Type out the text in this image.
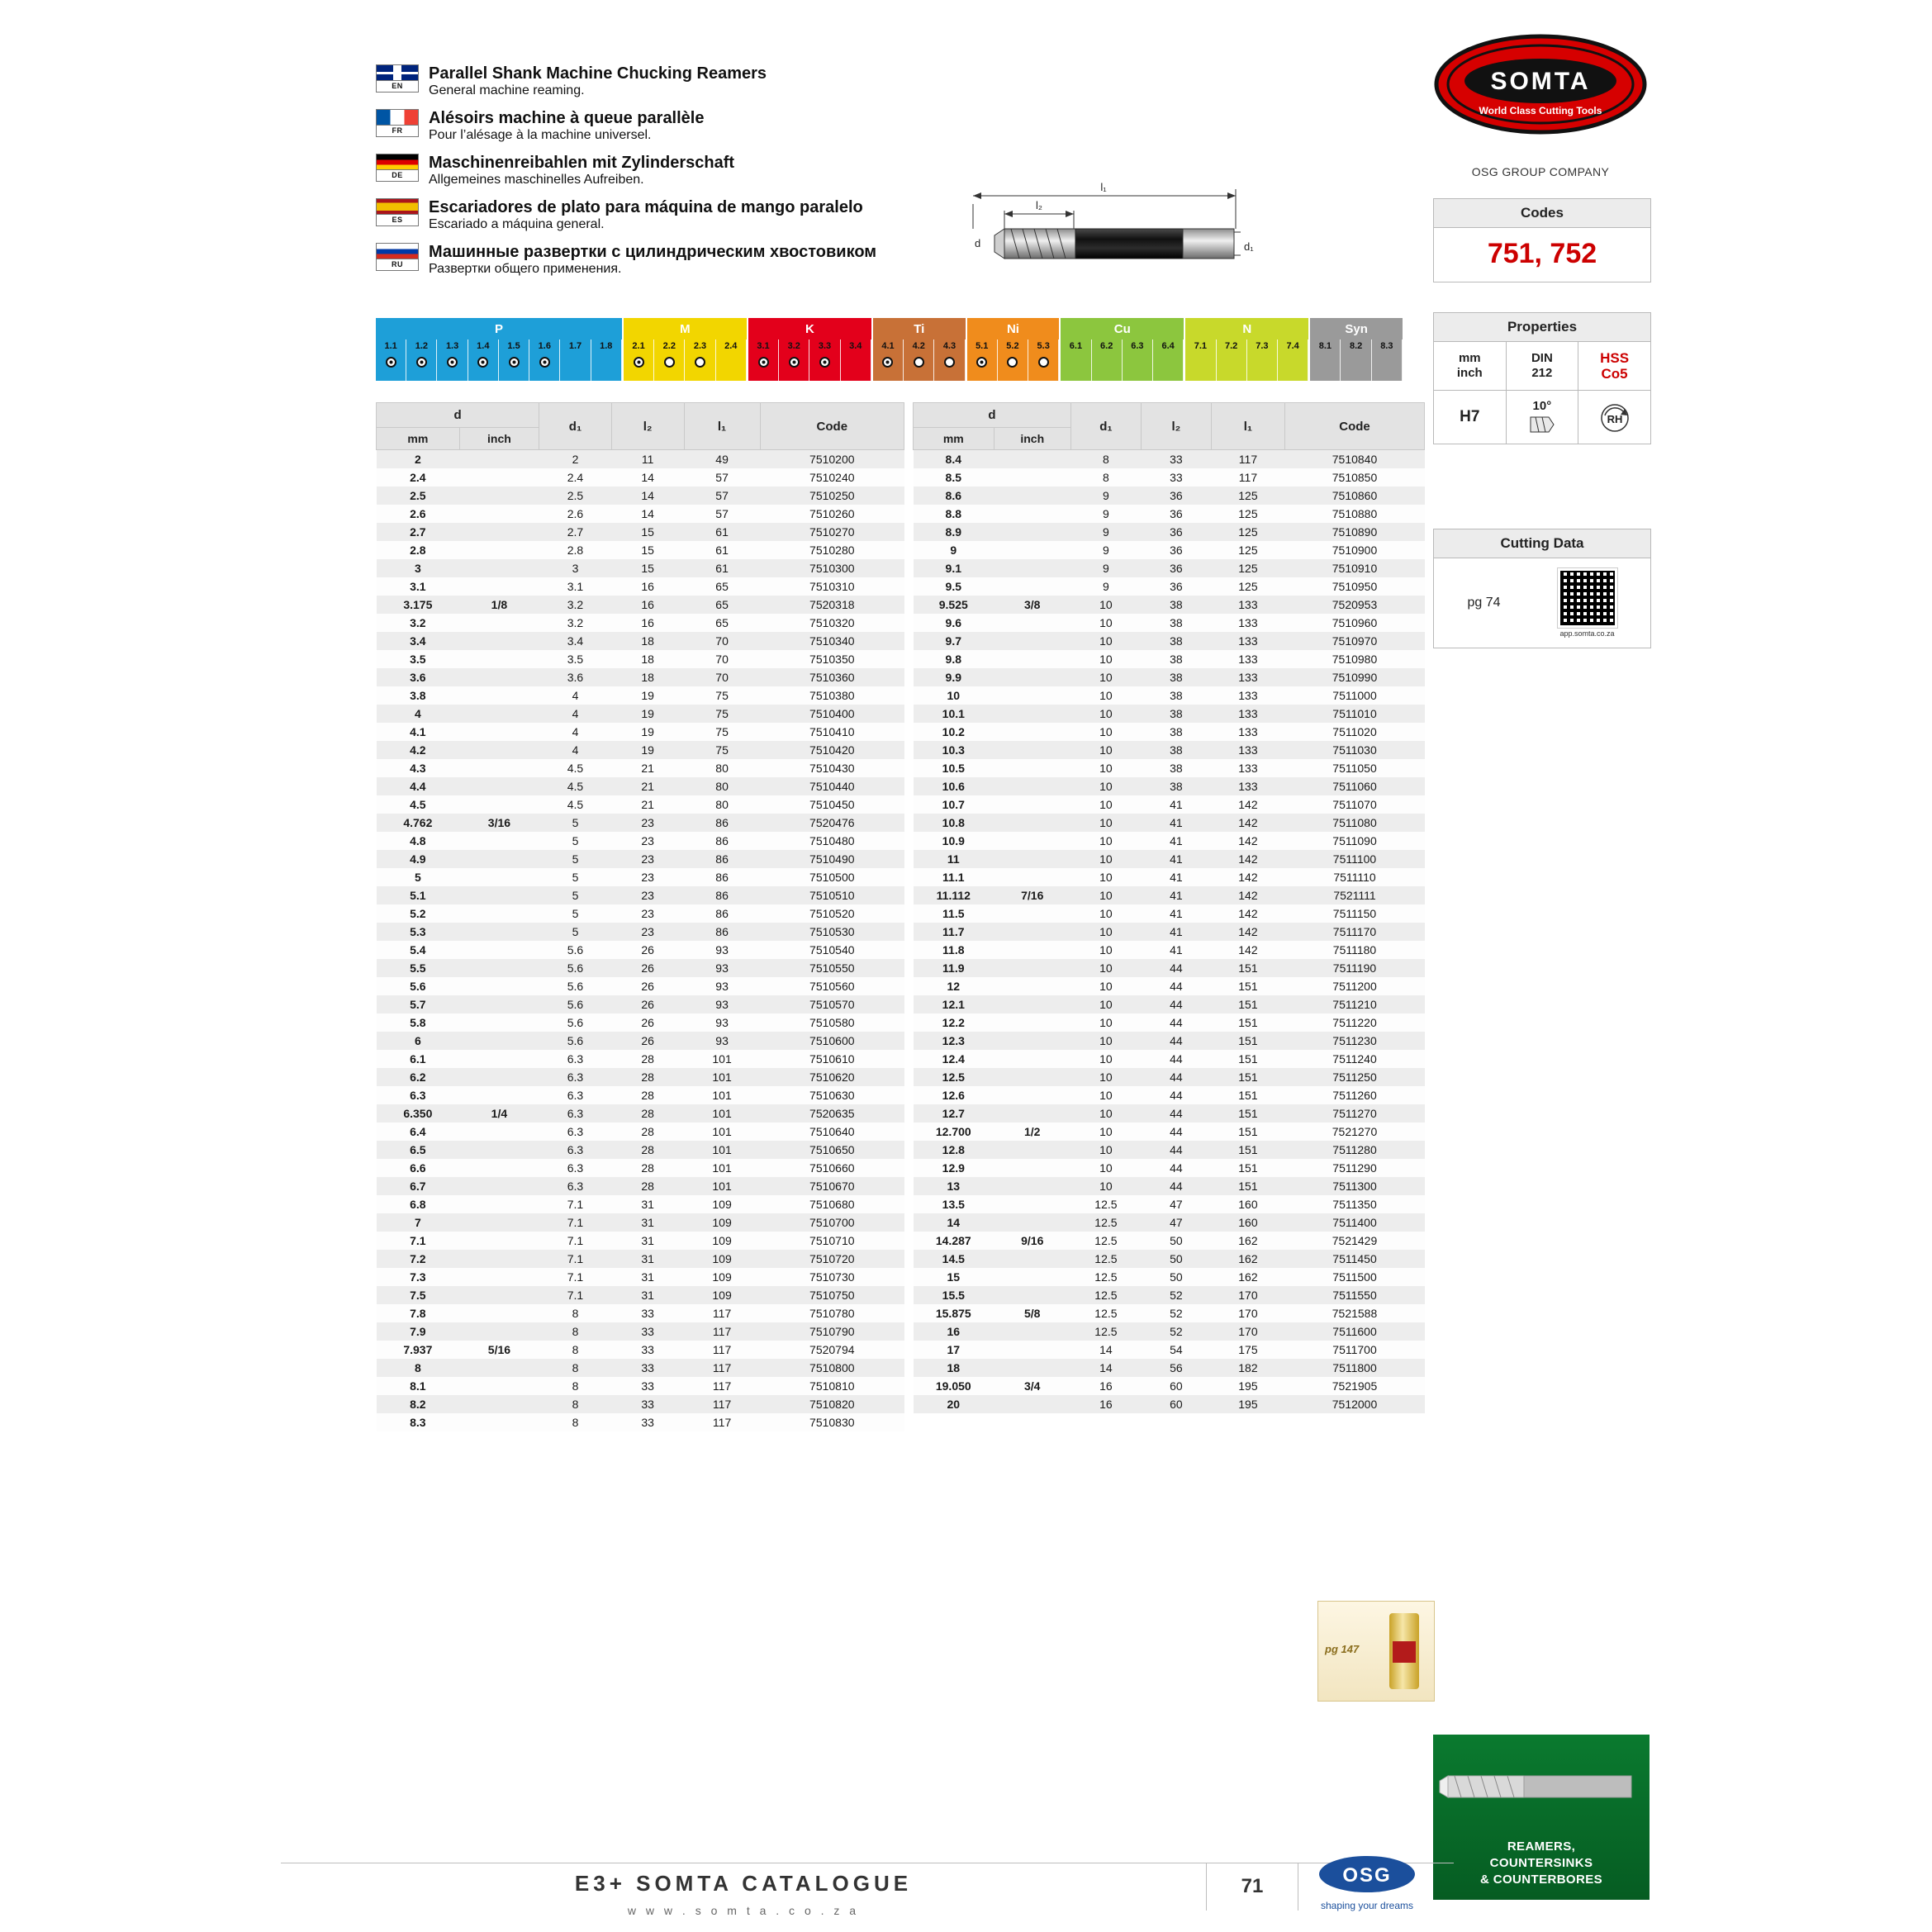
EN
Parallel Shank Machine Chucking Reamers
General machine reaming.
FR
Alésoirs machine à queue parallèle
Pour l’alésage à la machine universel.
DE
Maschinenreibahlen mit Zylinderschaft
Allgemeines maschinelles Aufreiben.
ES
Escariadores de plato para máquina de mango paralelo
Escariado a máquina general.
RU
Машинные развертки с цилиндрическим хвостовиком
Развертки общего применения.
l₁
l₂
d	d₁
SOMTA
World Class Cutting Tools
OSG GROUP COMPANY
Codes
751, 752
Properties
mm
inch
DIN
212
HSS
Co5
H7
10°
RH
Cutting Data
pg 74
app.somta.co.za
P	M	K	Ti	Ni	Cu	N	Syn
1.1 1.2 1.3 1.4 1.5 1.6 1.7 1.8 2.1 2.2 2.3 2.4 3.1 3.2 3.3 3.4 4.1 4.2 4.3 5.1 5.2 5.3 6.1 6.2 6.3 6.4 7.1 7.2 7.3 7.4 8.1 8.2 8.3
d		d₁	l₂	l₁	Code
mm	inch				
2		2	11	49	7510200
2.4		2.4	14	57	7510240
2.5		2.5	14	57	7510250
2.6		2.6	14	57	7510260
2.7		2.7	15	61	7510270
2.8		2.8	15	61	7510280
3		3	15	61	7510300
3.1		3.1	16	65	7510310
3.175	1/8	3.2	16	65	7520318
3.2		3.2	16	65	7510320
3.4		3.4	18	70	7510340
3.5		3.5	18	70	7510350
3.6		3.6	18	70	7510360
3.8		4	19	75	7510380
4		4	19	75	7510400
4.1		4	19	75	7510410
4.2		4	19	75	7510420
4.3		4.5	21	80	7510430
4.4		4.5	21	80	7510440
4.5		4.5	21	80	7510450
4.762	3/16	5	23	86	7520476
4.8		5	23	86	7510480
4.9		5	23	86	7510490
5		5	23	86	7510500
5.1		5	23	86	7510510
5.2		5	23	86	7510520
5.3		5	23	86	7510530
5.4		5.6	26	93	7510540
5.5		5.6	26	93	7510550
5.6		5.6	26	93	7510560
5.7		5.6	26	93	7510570
5.8		5.6	26	93	7510580
6		5.6	26	93	7510600
6.1		6.3	28	101	7510610
6.2		6.3	28	101	7510620
6.3		6.3	28	101	7510630
6.350	1/4	6.3	28	101	7520635
6.4		6.3	28	101	7510640
6.5		6.3	28	101	7510650
6.6		6.3	28	101	7510660
6.7		6.3	28	101	7510670
6.8		7.1	31	109	7510680
7		7.1	31	109	7510700
7.1		7.1	31	109	7510710
7.2		7.1	31	109	7510720
7.3		7.1	31	109	7510730
7.5		7.1	31	109	7510750
7.8		8	33	117	7510780
7.9		8	33	117	7510790
7.937	5/16	8	33	117	7520794
8		8	33	117	7510800
8.1		8	33	117	7510810
8.2		8	33	117	7510820
8.3		8	33	117	7510830
d		d₁	l₂	l₁	Code
mm	inch				
8.4		8	33	117	7510840
8.5		8	33	117	7510850
8.6		9	36	125	7510860
8.8		9	36	125	7510880
8.9		9	36	125	7510890
9		9	36	125	7510900
9.1		9	36	125	7510910
9.5		9	36	125	7510950
9.525	3/8	10	38	133	7520953
9.6		10	38	133	7510960
9.7		10	38	133	7510970
9.8		10	38	133	7510980
9.9		10	38	133	7510990
10		10	38	133	7511000
10.1		10	38	133	7511010
10.2		10	38	133	7511020
10.3		10	38	133	7511030
10.5		10	38	133	7511050
10.6		10	38	133	7511060
10.7		10	41	142	7511070
10.8		10	41	142	7511080
10.9		10	41	142	7511090
11		10	41	142	7511100
11.1		10	41	142	7511110
11.112	7/16	10	41	142	7521111
11.5		10	41	142	7511150
11.7		10	41	142	7511170
11.8		10	41	142	7511180
11.9		10	44	151	7511190
12		10	44	151	7511200
12.1		10	44	151	7511210
12.2		10	44	151	7511220
12.3		10	44	151	7511230
12.4		10	44	151	7511240
12.5		10	44	151	7511250
12.6		10	44	151	7511260
12.7		10	44	151	7511270
12.700	1/2	10	44	151	7521270
12.8		10	44	151	7511280
12.9		10	44	151	7511290
13		10	44	151	7511300
13.5		12.5	47	160	7511350
14		12.5	47	160	7511400
14.287	9/16	12.5	50	162	7521429
14.5		12.5	50	162	7511450
15		12.5	50	162	7511500
15.5		12.5	52	170	7511550
15.875	5/8	12.5	52	170	7521588
16		12.5	52	170	7511600
17		14	54	175	7511700
18		14	56	182	7511800
19.050	3/4	16	60	195	7521905
20		16	60	195	7512000
pg 147
REAMERS,
COUNTERSINKS
& COUNTERBORES
E3+ SOMTA CATALOGUE
w w w . s o m t a . c o . z a
71	OSG
shaping your dreams
